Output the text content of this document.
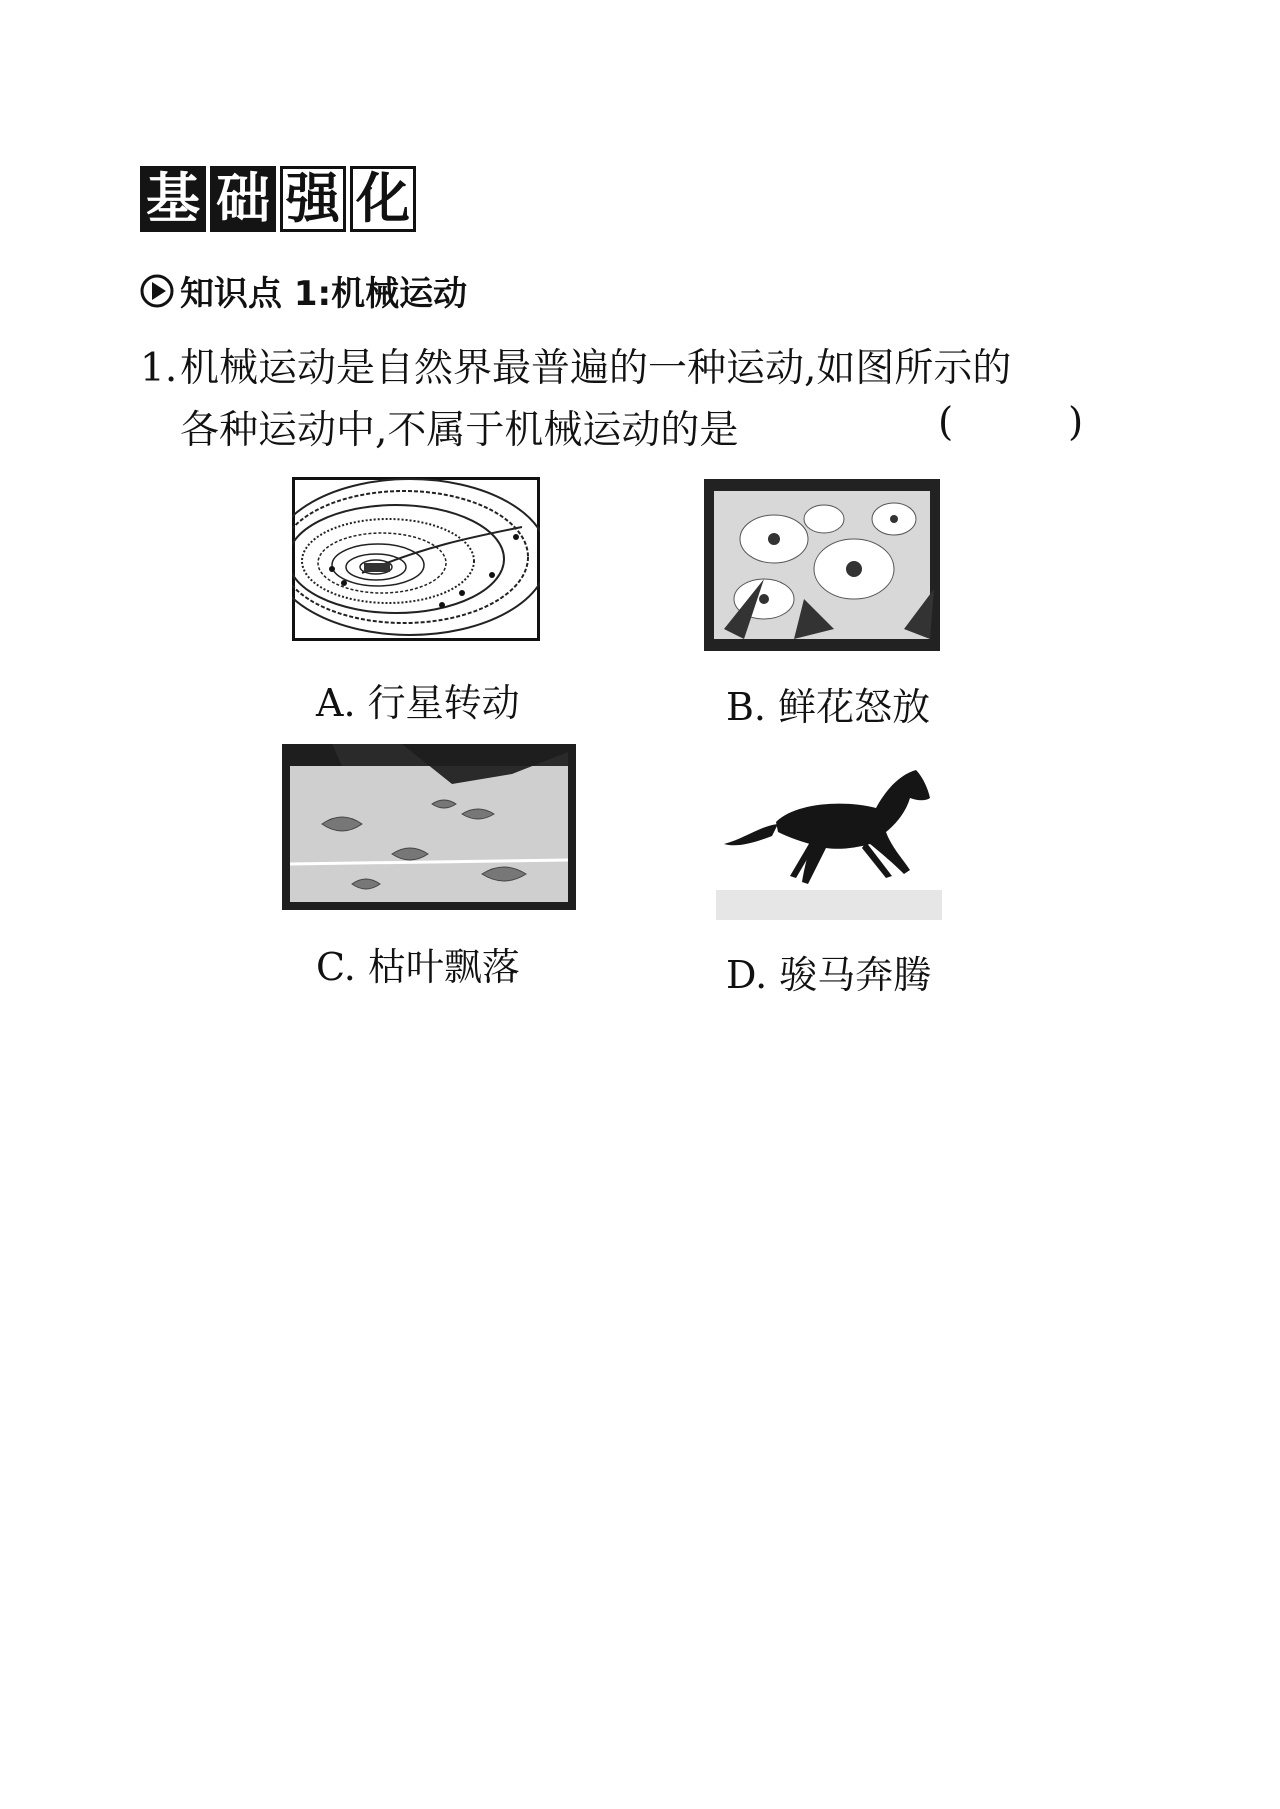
基 础 强 化
知识点 1:机械运动
1. 机械运动是自然界最普遍的一种运动,如图所示的
各种运动中,不属于机械运动的是	(	)
A. 行星转动	B. 鲜花怒放
C. 枯叶飘落	D. 骏马奔腾
